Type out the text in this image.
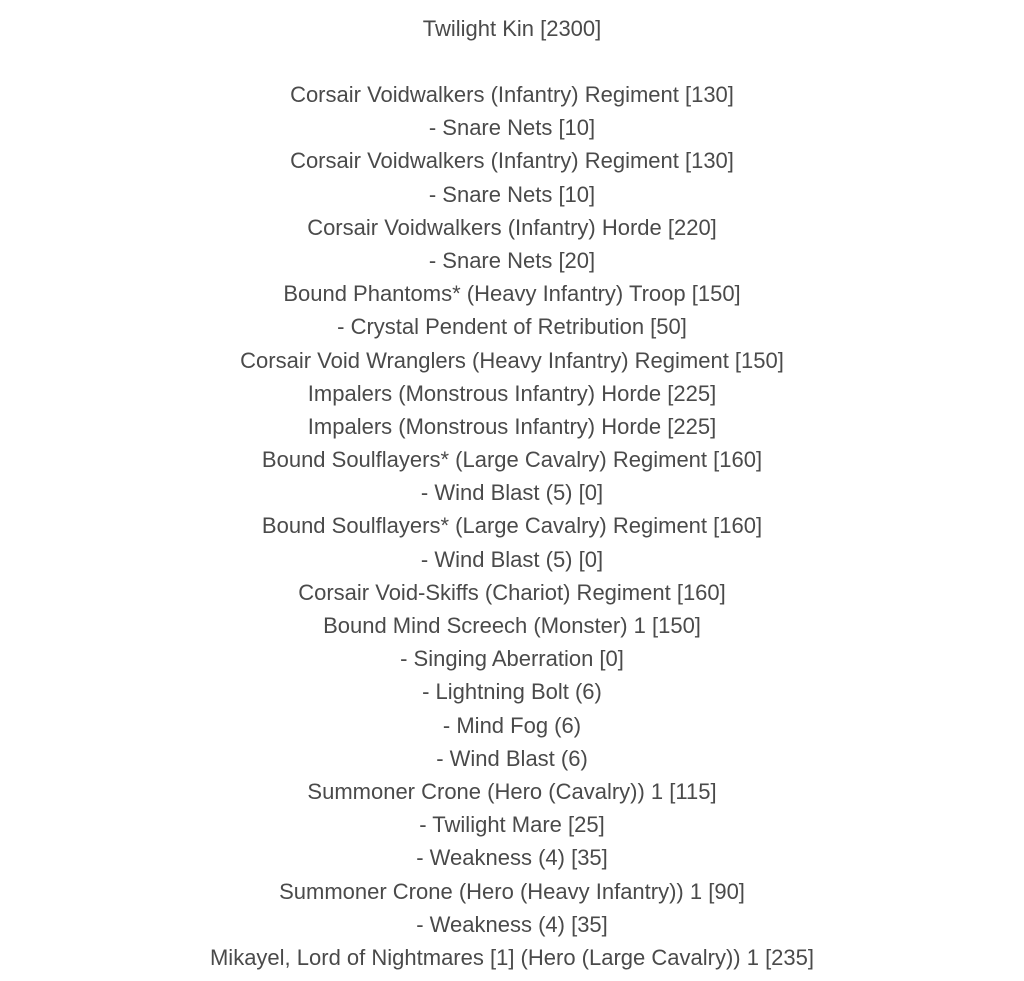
Twilight Kin [2300]
Corsair Voidwalkers (Infantry) Regiment [130]
- Snare Nets [10]
Corsair Voidwalkers (Infantry) Regiment [130]
- Snare Nets [10]
Corsair Voidwalkers (Infantry) Horde [220]
- Snare Nets [20]
Bound Phantoms* (Heavy Infantry) Troop [150]
- Crystal Pendent of Retribution [50]
Corsair Void Wranglers (Heavy Infantry) Regiment [150]
Impalers (Monstrous Infantry) Horde [225]
Impalers (Monstrous Infantry) Horde [225]
Bound Soulflayers* (Large Cavalry) Regiment [160]
- Wind Blast (5) [0]
Bound Soulflayers* (Large Cavalry) Regiment [160]
- Wind Blast (5) [0]
Corsair Void-Skiffs (Chariot) Regiment [160]
Bound Mind Screech (Monster) 1 [150]
- Singing Aberration [0]
- Lightning Bolt (6)
- Mind Fog (6)
- Wind Blast (6)
Summoner Crone (Hero (Cavalry)) 1 [115]
- Twilight Mare [25]
- Weakness (4) [35]
Summoner Crone (Hero (Heavy Infantry)) 1 [90]
- Weakness (4) [35]
Mikayel, Lord of Nightmares [1] (Hero (Large Cavalry)) 1 [235]
